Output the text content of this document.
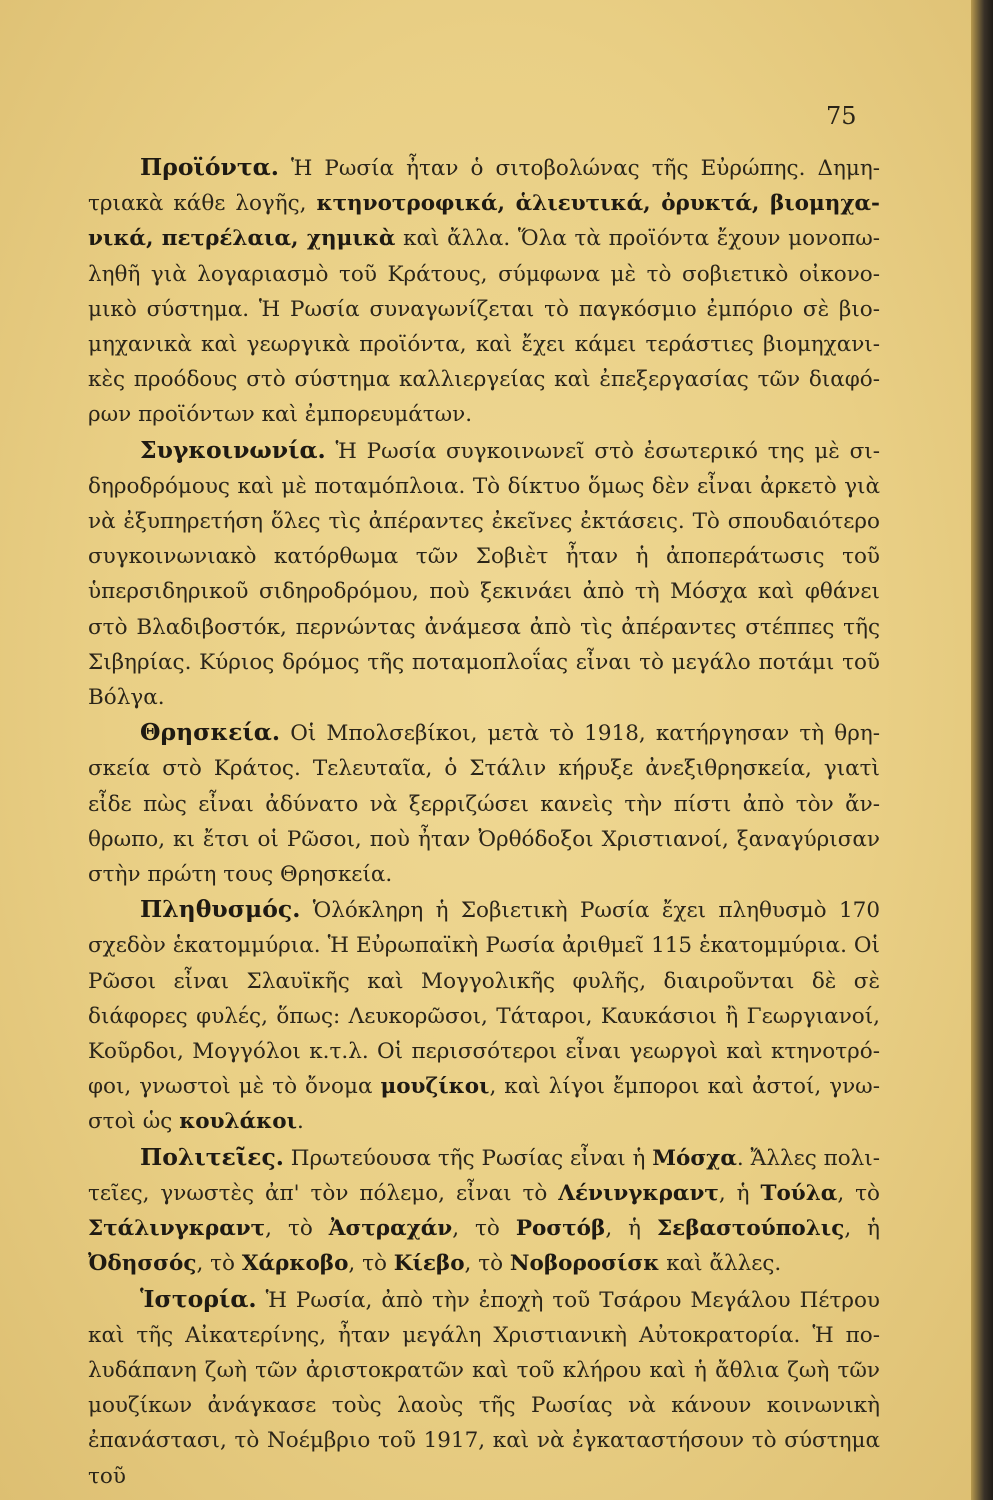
75

Προϊόντα. Ἡ Ρωσία ἦταν ὁ σιτοβολώνας τῆς Εὐρώπης. Δημητριακὰ κάθε λογῆς, κτηνοτροφικά, ἁλιευτικά, ὀρυκτά, βιομηχανικά, πετρέλαια, χημικὰ καὶ ἄλλα. Ὅλα τὰ προϊόντα ἔχουν μονοπωληθῆ γιὰ λογαριασμὸ τοῦ Κράτους, σύμφωνα μὲ τὸ σοβιετικὸ οἰκονομικὸ σύστημα. Ἡ Ρωσία συναγωνίζεται τὸ παγκόσμιο ἐμπόριο σὲ βιομηχανικὰ καὶ γεωργικὰ προϊόντα, καὶ ἔχει κάμει τεράστιες βιομηχανικὲς προόδους στὸ σύστημα καλλιεργείας καὶ ἐπεξεργασίας τῶν διαφόρων προϊόντων καὶ ἐμπορευμάτων.

Συγκοινωνία. Ἡ Ρωσία συγκοινωνεῖ στὸ ἐσωτερικό της μὲ σιδηροδρόμους καὶ μὲ ποταμόπλοια. Τὸ δίκτυο ὅμως δὲν εἶναι ἀρκετὸ γιὰ νὰ ἐξυπηρετήση ὅλες τὶς ἀπέραντες ἐκεῖνες ἐκτάσεις. Τὸ σπουδαιότερο συγκοινωνιακὸ κατόρθωμα τῶν Σοβιὲτ ἦταν ἡ ἀποπεράτωσις τοῦ ὑπερσιδηρικοῦ σιδηροδρόμου, ποὺ ξεκινάει ἀπὸ τὴ Μόσχα καὶ φθάνει στὸ Βλαδιβοστόκ, περνώντας ἀνάμεσα ἀπὸ τὶς ἀπέραντες στέππες τῆς Σιβηρίας. Κύριος δρόμος τῆς ποταμοπλοΐας εἶναι τὸ μεγάλο ποτάμι τοῦ Βόλγα.

Θρησκεία. Οἱ Μπολσεβίκοι, μετὰ τὸ 1918, κατήργησαν τὴ θρησκεία στὸ Κράτος. Τελευταῖα, ὁ Στάλιν κήρυξε ἀνεξιθρησκεία, γιατὶ εἶδε πὼς εἶναι ἀδύνατο νὰ ξερριζώσει κανεὶς τὴν πίστι ἀπὸ τὸν ἄνθρωπο, κι ἔτσι οἱ Ρῶσοι, ποὺ ἦταν Ὀρθόδοξοι Χριστιανοί, ξαναγύρισαν στὴν πρώτη τους Θρησκεία.

Πληθυσμός. Ὁλόκληρη ἡ Σοβιετικὴ Ρωσία ἔχει πληθυσμὸ 170 σχεδὸν ἑκατομμύρια. Ἡ Εὐρωπαϊκὴ Ρωσία ἀριθμεῖ 115 ἑκατομμύρια. Οἱ Ρῶσοι εἶναι Σλαυϊκῆς καὶ Μογγολικῆς φυλῆς, διαιροῦνται δὲ σὲ διάφορες φυλές, ὅπως: Λευκορῶσοι, Τάταροι, Καυκάσιοι ἢ Γεωργιανοί, Κοῦρδοι, Μογγόλοι κ.τ.λ. Οἱ περισσότεροι εἶναι γεωργοὶ καὶ κτηνοτρόφοι, γνωστοὶ μὲ τὸ ὄνομα μουζίκοι, καὶ λίγοι ἔμποροι καὶ ἀστοί, γνωστοὶ ὡς κουλάκοι.

Πολιτεῖες. Πρωτεύουσα τῆς Ρωσίας εἶναι ἡ Μόσχα. Ἄλλες πολιτεῖες, γνωστὲς ἀπ' τὸν πόλεμο, εἶναι τὸ Λένινγκραντ, ἡ Τούλα, τὸ Στάλινγκραντ, τὸ Ἀστραχάν, τὸ Ροστόβ, ἡ Σεβαστούπολις, ἡ Ὀδησσός, τὸ Χάρκοβο, τὸ Κίεβο, τὸ Νοβοροσίσκ καὶ ἄλλες.

Ἱστορία. Ἡ Ρωσία, ἀπὸ τὴν ἐποχὴ τοῦ Τσάρου Μεγάλου Πέτρου καὶ τῆς Αἰκατερίνης, ἦταν μεγάλη Χριστιανικὴ Αὐτοκρατορία. Ἡ πολυδάπανη ζωὴ τῶν ἀριστοκρατῶν καὶ τοῦ κλήρου καὶ ἡ ἄθλια ζωὴ τῶν μουζίκων ἀνάγκασε τοὺς λαοὺς τῆς Ρωσίας νὰ κάνουν κοινωνικὴ ἐπανάστασι, τὸ Νοέμβριο τοῦ 1917, καὶ νὰ ἐγκαταστήσουν τὸ σύστημα τοῦ
